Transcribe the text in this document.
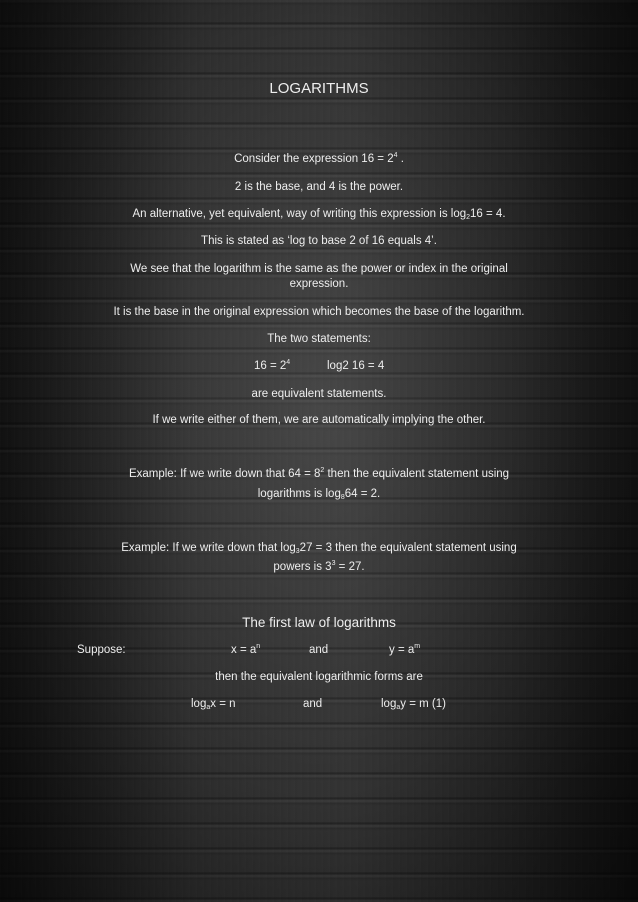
LOGARITHMS
Consider the expression $16 = 2^4$ .
2 is the base, and 4 is the power.
An alternative, yet equivalent, way of writing this expression is $\log_216 = 4$.
This is stated as ‘log to base 2 of 16 equals 4’.
We see that the logarithm is the same as the power or index in the original
expression.
It is the base in the original expression which becomes the base of the logarithm.
The two statements:
$16 = 2^4$	log2 16 = 4
are equivalent statements.
If we write either of them, we are automatically implying the other.
Example: If we write down that $64 = 8^2$ then the equivalent statement using
logarithms is $\log_864 = 2$.
Example: If we write down that $\log_327 = 3$ then the equivalent statement using
powers is $3^3 = 27$.
The first law of logarithms
Suppose:	$x = a^n$	and	$y = a^m$
then the equivalent logarithmic forms are
$\log_ax = n$	and	$\log_ay = m$ (1)
